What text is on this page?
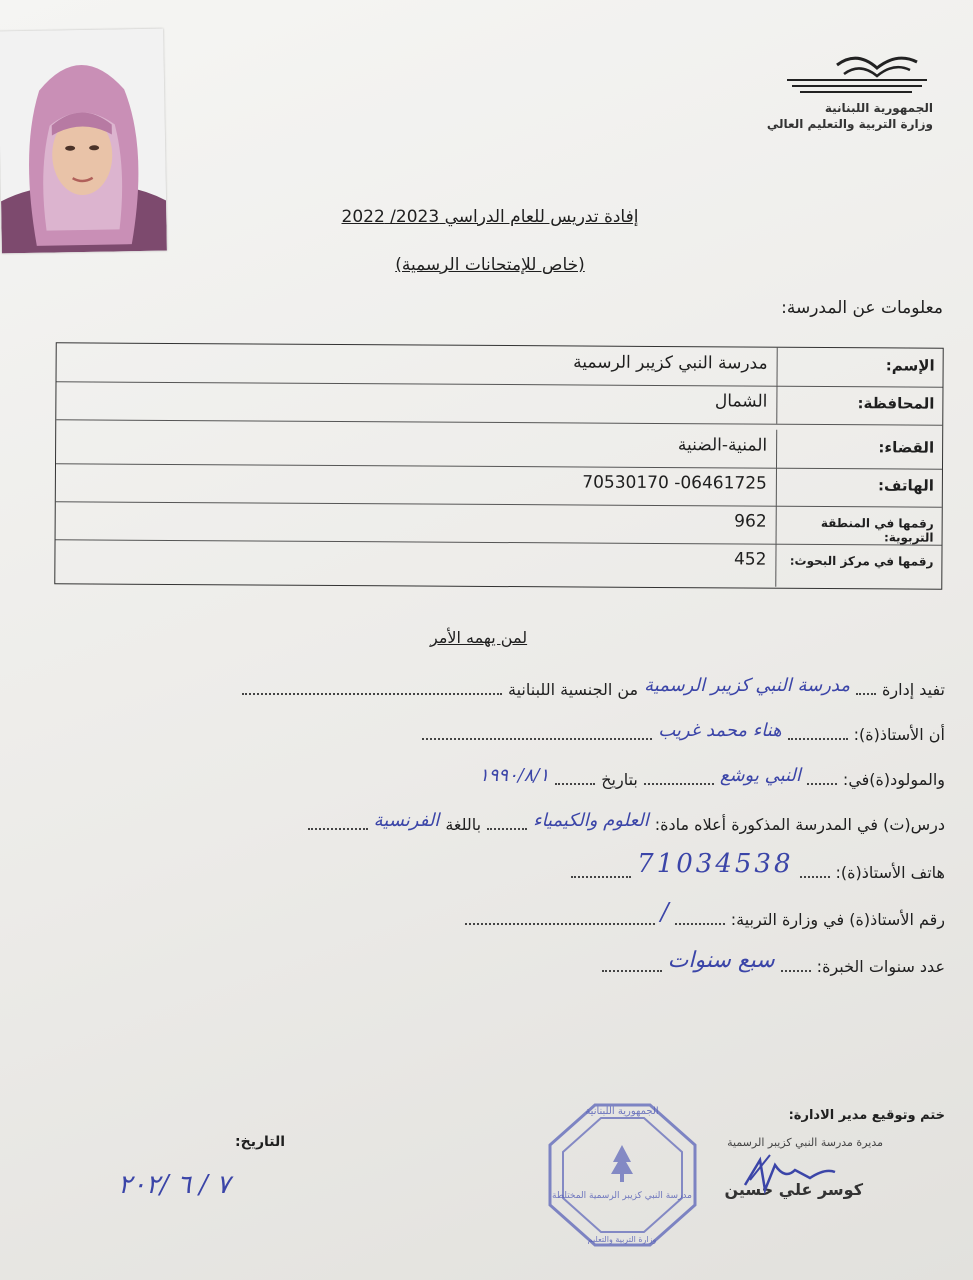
الجمهورية اللبنانية
وزارة التربية والتعليم العالي
إفادة تدريس للعام الدراسي 2023/ 2022
(خاص للإمتحانات الرسمية)
معلومات عن المدرسة:
الإسم:
مدرسة النبي كزيبر الرسمية
المحافظة:
الشمال
القضاء:
المنية-الضنية
الهاتف:
70530170 -06461725
رقمها في المنطقة التربوية:
962
رقمها في مركز البحوث:
452
لمن يهمه الأمر
تفيد إدارة
مدرسة النبي كزيبر الرسمية
من الجنسية اللبنانية
أن الأستاذ(ة):
هناء محمد غريب
والمولود(ة)في:
النبي يوشع
بتاريخ
١٩٩٠/٨/١
درس(ت) في المدرسة المذكورة أعلاه مادة:
العلوم والكيمياء
باللغة
الفرنسية
هاتف الأستاذ(ة):
71034538
رقم الأستاذ(ة) في وزارة التربية:
/
عدد سنوات الخبرة:
سبع سنوات
ختم وتوقيع مدير الادارة:
مديرة مدرسة النبي كزيبر الرسمية
كوسر علي حسين
الجمهورية اللبنانية
مدرسة النبي كزيبر الرسمية المختلطة
وزارة التربية والتعليم
التاريخ:
٧ / ٦ /٢٠٢
